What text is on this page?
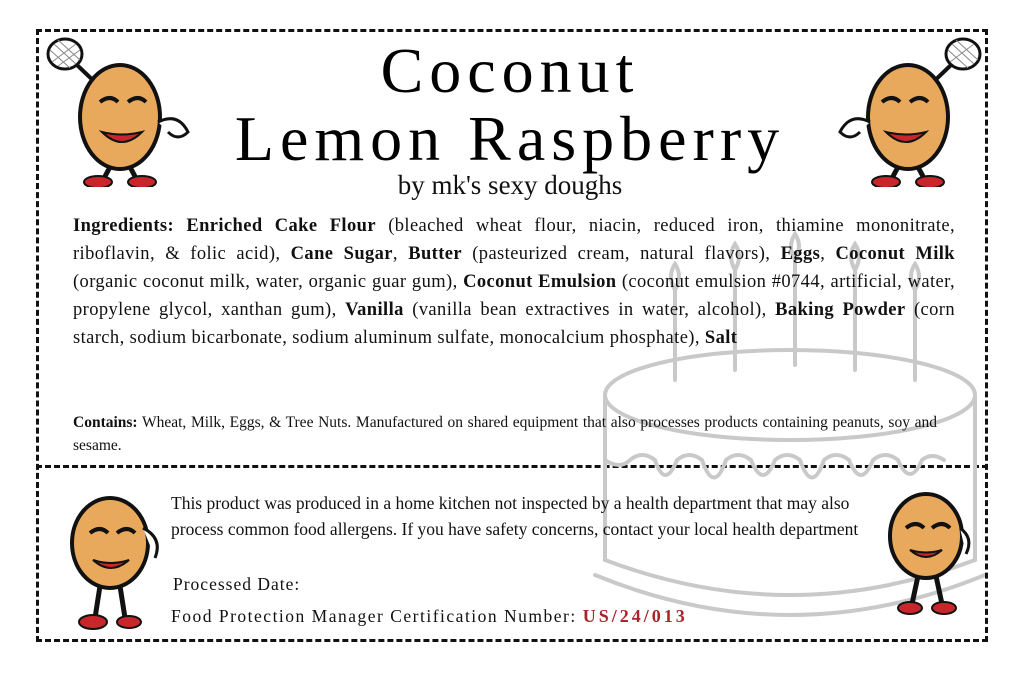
Coconut
Lemon Raspberry
by mk's sexy doughs
Ingredients: Enriched Cake Flour (bleached wheat flour, niacin, reduced iron, thiamine mononitrate, riboflavin, & folic acid), Cane Sugar, Butter (pasteurized cream, natural flavors), Eggs, Coconut Milk (organic coconut milk, water, organic guar gum), Coconut Emulsion (coconut emulsion #0744, artificial, water, propylene glycol, xanthan gum), Vanilla (vanilla bean extractives in water, alcohol), Baking Powder (corn starch, sodium bicarbonate, sodium aluminum sulfate, monocalcium phosphate), Salt
Contains: Wheat, Milk, Eggs, & Tree Nuts. Manufactured on shared equipment that also processes products containing peanuts, soy and sesame.
This product was produced in a home kitchen not inspected by a health department that may also process common food allergens. If you have safety concerns, contact your local health department
Processed Date:
Food Protection Manager Certification Number: US/24/013
